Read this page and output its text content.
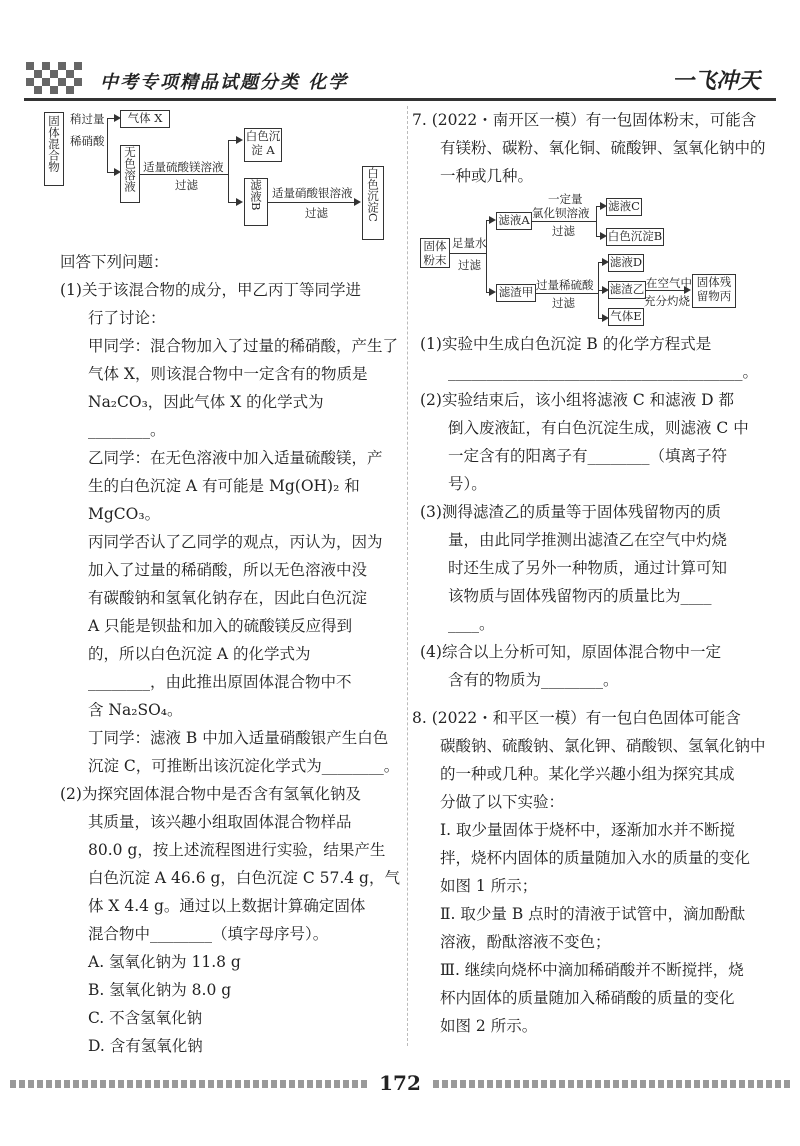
中考专项精品试题分类 化学	一飞冲天
固体混合物 稍过量
稀硝酸
气体 X
无色溶液 适量硫酸镁溶液
过滤
白色沉淀 A
滤液B 适量硝酸银溶液
过滤	白色沉淀C

回答下列问题：

(1)关于该混合物的成分，甲乙丙丁等同学进

行了讨论：

甲同学：混合物加入了过量的稀硝酸，产生了

气体 X，则该混合物中一定含有的物质是

Na₂CO₃，因此气体 X 的化学式为________。

乙同学：在无色溶液中加入适量硫酸镁，产

生的白色沉淀 A 有可能是 Mg(OH)₂ 和

MgCO₃。

丙同学否认了乙同学的观点，丙认为，因为

加入了过量的稀硝酸，所以无色溶液中没

有碳酸钠和氢氧化钠存在，因此白色沉淀

A 只能是钡盐和加入的硫酸镁反应得到

的，所以白色沉淀 A 的化学式为

________，由此推出原固体混合物中不

含 Na₂SO₄。

丁同学：滤液 B 中加入适量硝酸银产生白色

沉淀 C，可推断出该沉淀化学式为________。

(2)为探究固体混合物中是否含有氢氧化钠及

其质量，该兴趣小组取固体混合物样品

80.0 g，按上述流程图进行实验，结果产生

白色沉淀 A 46.6 g，白色沉淀 C 57.4 g，气

体 X 4.4 g。通过以上数据计算确定固体

混合物中________（填字母序号）。

A. 氢氧化钠为 11.8 g

B. 氢氧化钠为 8.0 g

C. 不含氢氧化钠

D. 含有氢氧化钠

7. (2022・南开区一模）有一包固体粉末，可能含

有镁粉、碳粉、氧化铜、硫酸钾、氢氧化钠中的

一种或几种。

固体粉末
足量水
过滤
滤液A
一定量
氯化钡溶液
过滤
滤液C
白色沉淀B
滤渣甲 过量稀硫酸
过滤
滤液D
滤渣乙 在空气中
充分灼烧
固体残留物丙
气体E

(1)实验中生成白色沉淀 B 的化学方程式是

______________________________________。

(2)实验结束后，该小组将滤液 C 和滤液 D 都

倒入废液缸，有白色沉淀生成，则滤液 C 中

一定含有的阳离子有________（填离子符

号）。

(3)测得滤渣乙的质量等于固体残留物丙的质

量，由此同学推测出滤渣乙在空气中灼烧

时还生成了另外一种物质，通过计算可知

该物质与固体残留物丙的质量比为____

____。

(4)综合以上分析可知，原固体混合物中一定

含有的物质为________。

8. (2022・和平区一模）有一包白色固体可能含

碳酸钠、硫酸钠、氯化钾、硝酸钡、氢氧化钠中

的一种或几种。某化学兴趣小组为探究其成

分做了以下实验：

Ⅰ. 取少量固体于烧杯中，逐渐加水并不断搅

拌，烧杯内固体的质量随加入水的质量的变化

如图 1 所示；

Ⅱ. 取少量 B 点时的清液于试管中，滴加酚酞

溶液，酚酞溶液不变色；

Ⅲ. 继续向烧杯中滴加稀硝酸并不断搅拌，烧

杯内固体的质量随加入稀硝酸的质量的变化

如图 2 所示。

172
